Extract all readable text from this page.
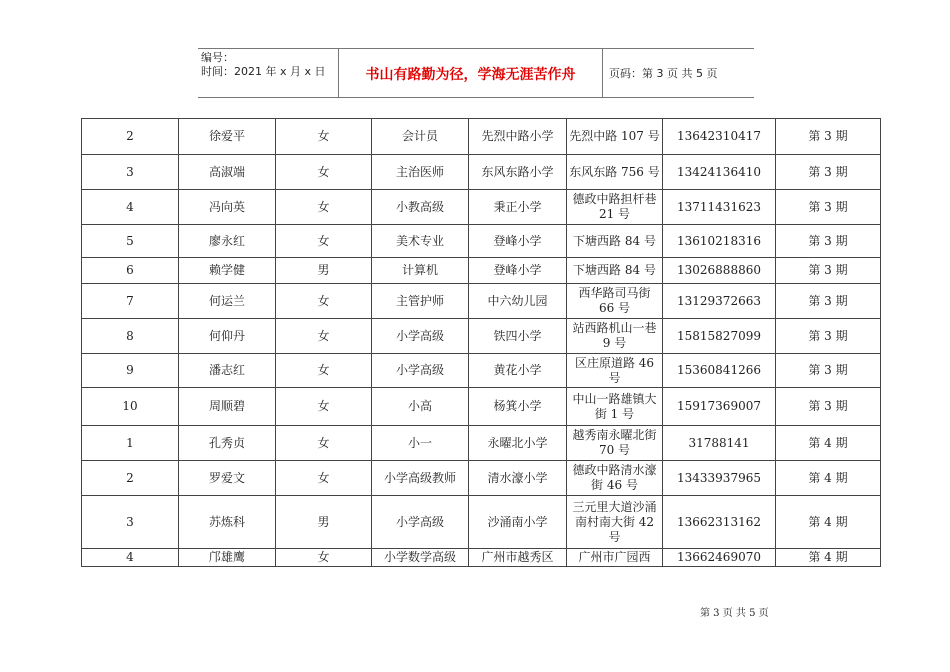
编号：
时间：2021 年 x 月 x 日	书山有路勤为径，学海无涯苦作舟	页码：第 3 页 共 5 页
2	徐爱平	女	会计员	先烈中路小学	先烈中路 107 号	13642310417	第 3 期
3	高淑端	女	主治医师	东风东路小学	东风东路 756 号	13424136410	第 3 期
4	冯向英	女	小教高级	秉正小学	德政中路担杆巷 21 号	13711431623	第 3 期
5	廖永红	女	美术专业	登峰小学	下塘西路 84 号	13610218316	第 3 期
6	赖学健	男	计算机	登峰小学	下塘西路 84 号	13026888860	第 3 期
7	何运兰	女	主管护师	中六幼儿园	西华路司马街 66 号	13129372663	第 3 期
8	何仰丹	女	小学高级	铁四小学	站西路机山一巷 9 号	15815827099	第 3 期
9	潘志红	女	小学高级	黄花小学	区庄原道路 46 号	15360841266	第 3 期
10	周顺碧	女	小高	杨箕小学	中山一路雄镇大街 1 号	15917369007	第 3 期
1	孔秀贞	女	小一	永曜北小学	越秀南永曜北街 70 号	31788141	第 4 期
2	罗爱文	女	小学高级教师	清水濠小学	德政中路清水濠街 46 号	13433937965	第 4 期
3	苏炼科	男	小学高级	沙涌南小学	三元里大道沙涌南村南大街 42 号	13662313162	第 4 期
4	邝雄鹰	女	小学数学高级	广州市越秀区	广州市广园西	13662469070	第 4 期
第 3 页 共 5 页
